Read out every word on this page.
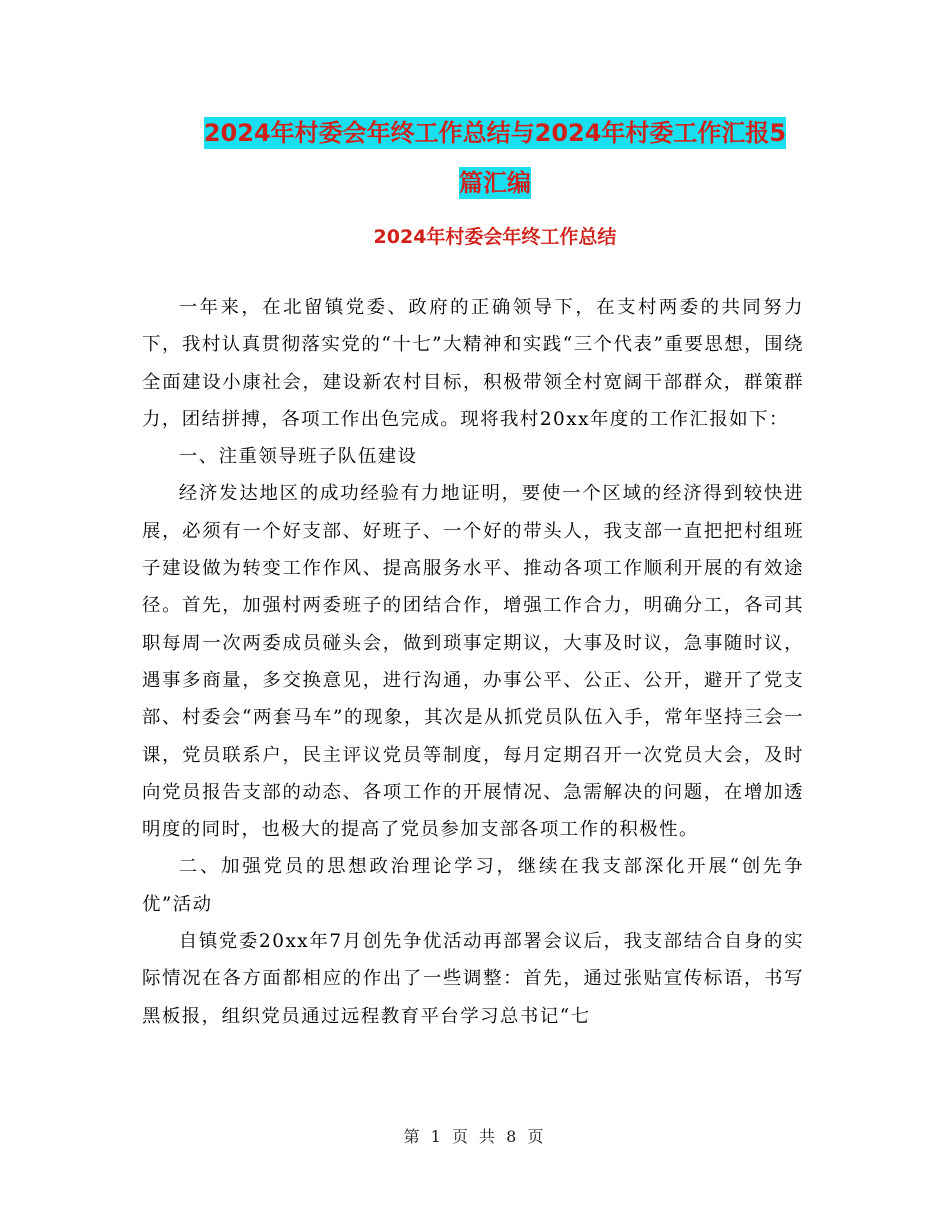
2024年村委会年终工作总结与2024年村委工作汇报5
篇汇编
2024年村委会年终工作总结

一年来，在北留镇党委、政府的正确领导下，在支村两委的共同努力下，我村认真贯彻落实党的“十七”大精神和实践“三个代表”重要思想，围绕全面建设小康社会，建设新农村目标，积极带领全村宽阔干部群众，群策群力，团结拼搏，各项工作出色完成。现将我村20xx年度的工作汇报如下：

一、注重领导班子队伍建设

经济发达地区的成功经验有力地证明，要使一个区域的经济得到较快进展，必须有一个好支部、好班子、一个好的带头人，我支部一直把把村组班子建设做为转变工作作风、提高服务水平、推动各项工作顺利开展的有效途径。首先，加强村两委班子的团结合作，增强工作合力，明确分工，各司其职每周一次两委成员碰头会，做到琐事定期议，大事及时议，急事随时议，遇事多商量，多交换意见，进行沟通，办事公平、公正、公开，避开了党支部、村委会“两套马车”的现象，其次是从抓党员队伍入手，常年坚持三会一课，党员联系户，民主评议党员等制度，每月定期召开一次党员大会，及时向党员报告支部的动态、各项工作的开展情况、急需解决的问题，在增加透明度的同时，也极大的提高了党员参加支部各项工作的积极性。

二、加强党员的思想政治理论学习，继续在我支部深化开展“创先争优”活动

自镇党委20xx年7月创先争优活动再部署会议后，我支部结合自身的实际情况在各方面都相应的作出了一些调整：首先，通过张贴宣传标语，书写黑板报，组织党员通过远程教育平台学习总书记“七

第 1 页 共 8 页
